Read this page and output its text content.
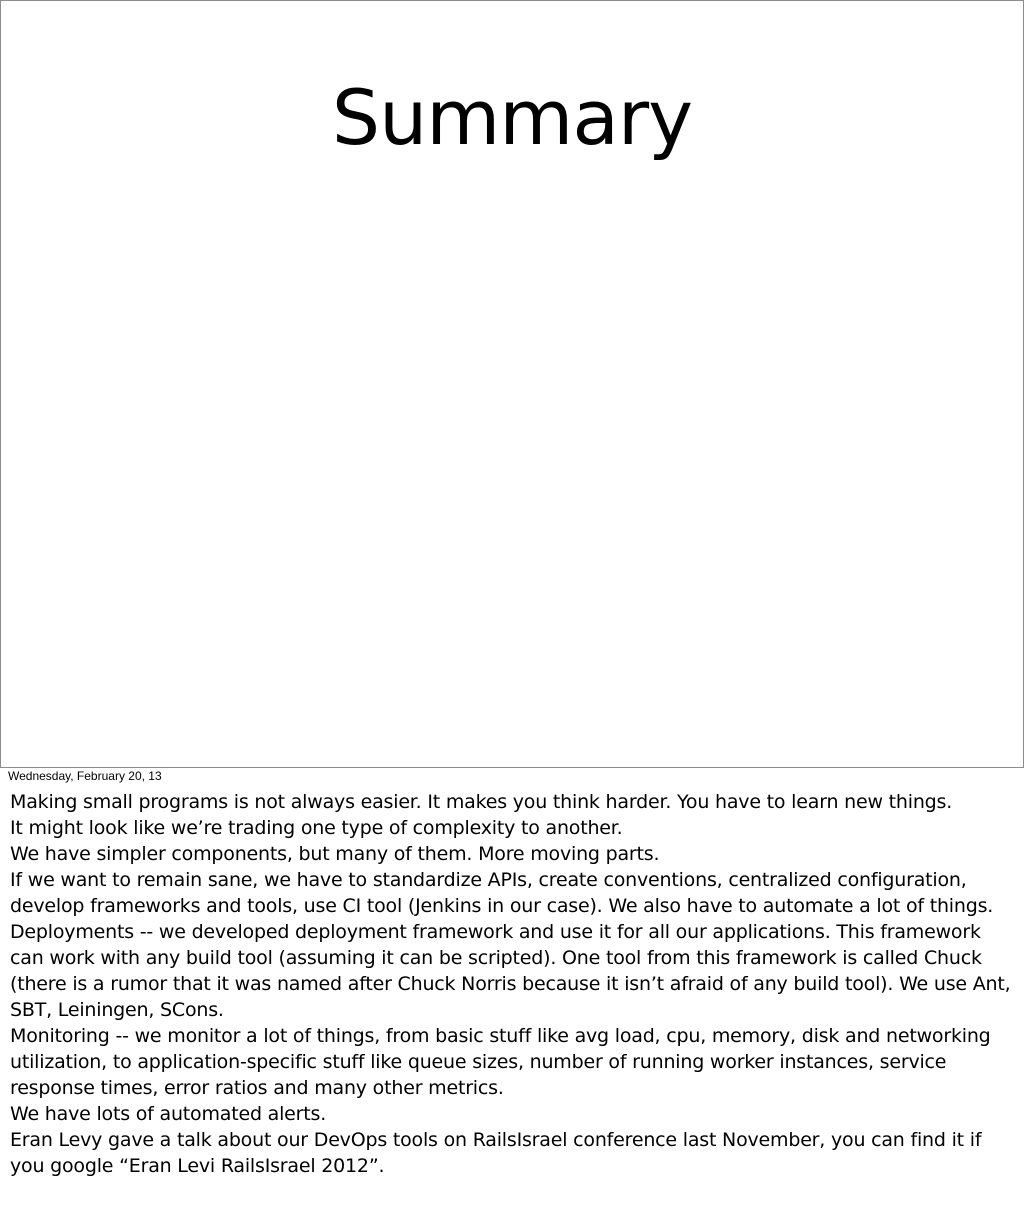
Summary
Wednesday, February 20, 13

Making small programs is not always easier. It makes you think harder. You have to learn new things.

It might look like we’re trading one type of complexity to another.

We have simpler components, but many of them. More moving parts.

If we want to remain sane, we have to standardize APIs, create conventions, centralized configuration, develop frameworks and tools, use CI tool (Jenkins in our case). We also have to automate a lot of things.

Deployments -- we developed deployment framework and use it for all our applications. This framework can work with any build tool (assuming it can be scripted). One tool from this framework is called Chuck (there is a rumor that it was named after Chuck Norris because it isn’t afraid of any build tool). We use Ant, SBT, Leiningen, SCons.

Monitoring -- we monitor a lot of things, from basic stuff like avg load, cpu, memory, disk and networking utilization, to application-specific stuff like queue sizes, number of running worker instances, service response times, error ratios and many other metrics.

We have lots of automated alerts.

Eran Levy gave a talk about our DevOps tools on RailsIsrael conference last November, you can find it if you google “Eran Levi RailsIsrael 2012”.
